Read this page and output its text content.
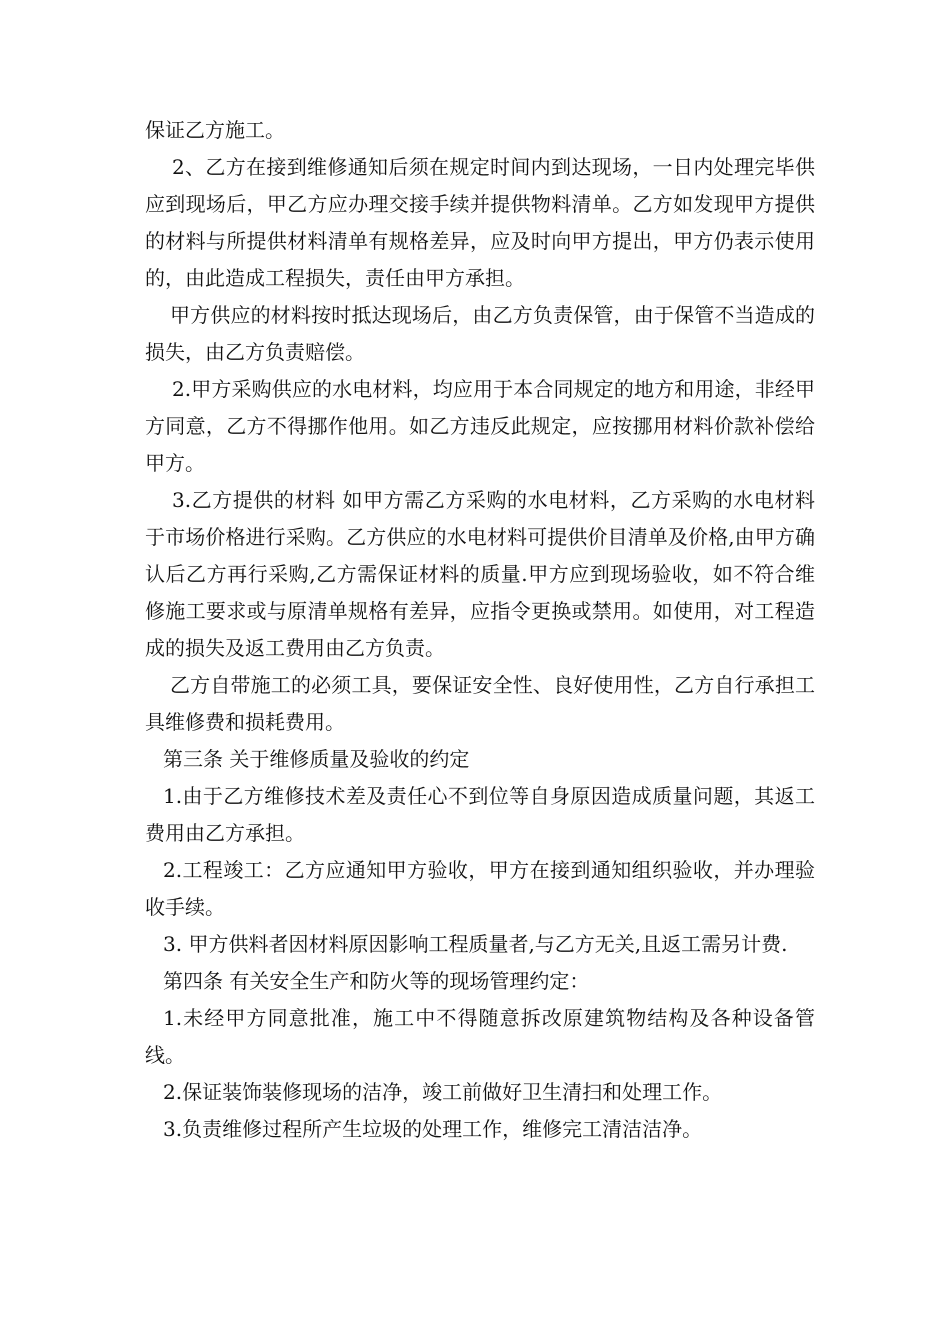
保证乙方施工。

2、乙方在接到维修通知后须在规定时间内到达现场，一日内处理完毕供应到现场后，甲乙方应办理交接手续并提供物料清单。乙方如发现甲方提供的材料与所提供材料清单有规格差异，应及时向甲方提出，甲方仍表示使用的，由此造成工程损失，责任由甲方承担。

甲方供应的材料按时抵达现场后，由乙方负责保管，由于保管不当造成的损失，由乙方负责赔偿。

2.甲方采购供应的水电材料，均应用于本合同规定的地方和用途，非经甲方同意，乙方不得挪作他用。如乙方违反此规定，应按挪用材料价款补偿给甲方。

3.乙方提供的材料 如甲方需乙方采购的水电材料，乙方采购的水电材料于市场价格进行采购。乙方供应的水电材料可提供价目清单及价格,由甲方确认后乙方再行采购,乙方需保证材料的质量.甲方应到现场验收，如不符合维修施工要求或与原清单规格有差异，应指令更换或禁用。如使用，对工程造成的损失及返工费用由乙方负责。

乙方自带施工的必须工具，要保证安全性、良好使用性，乙方自行承担工具维修费和损耗费用。

第三条 关于维修质量及验收的约定

1.由于乙方维修技术差及责任心不到位等自身原因造成质量问题，其返工费用由乙方承担。

2.工程竣工：乙方应通知甲方验收，甲方在接到通知组织验收，并办理验收手续。

3. 甲方供料者因材料原因影响工程质量者,与乙方无关,且返工需另计费.

第四条 有关安全生产和防火等的现场管理约定：

1.未经甲方同意批准，施工中不得随意拆改原建筑物结构及各种设备管线。

2.保证装饰装修现场的洁净，竣工前做好卫生清扫和处理工作。

3.负责维修过程所产生垃圾的处理工作，维修完工清洁洁净。
